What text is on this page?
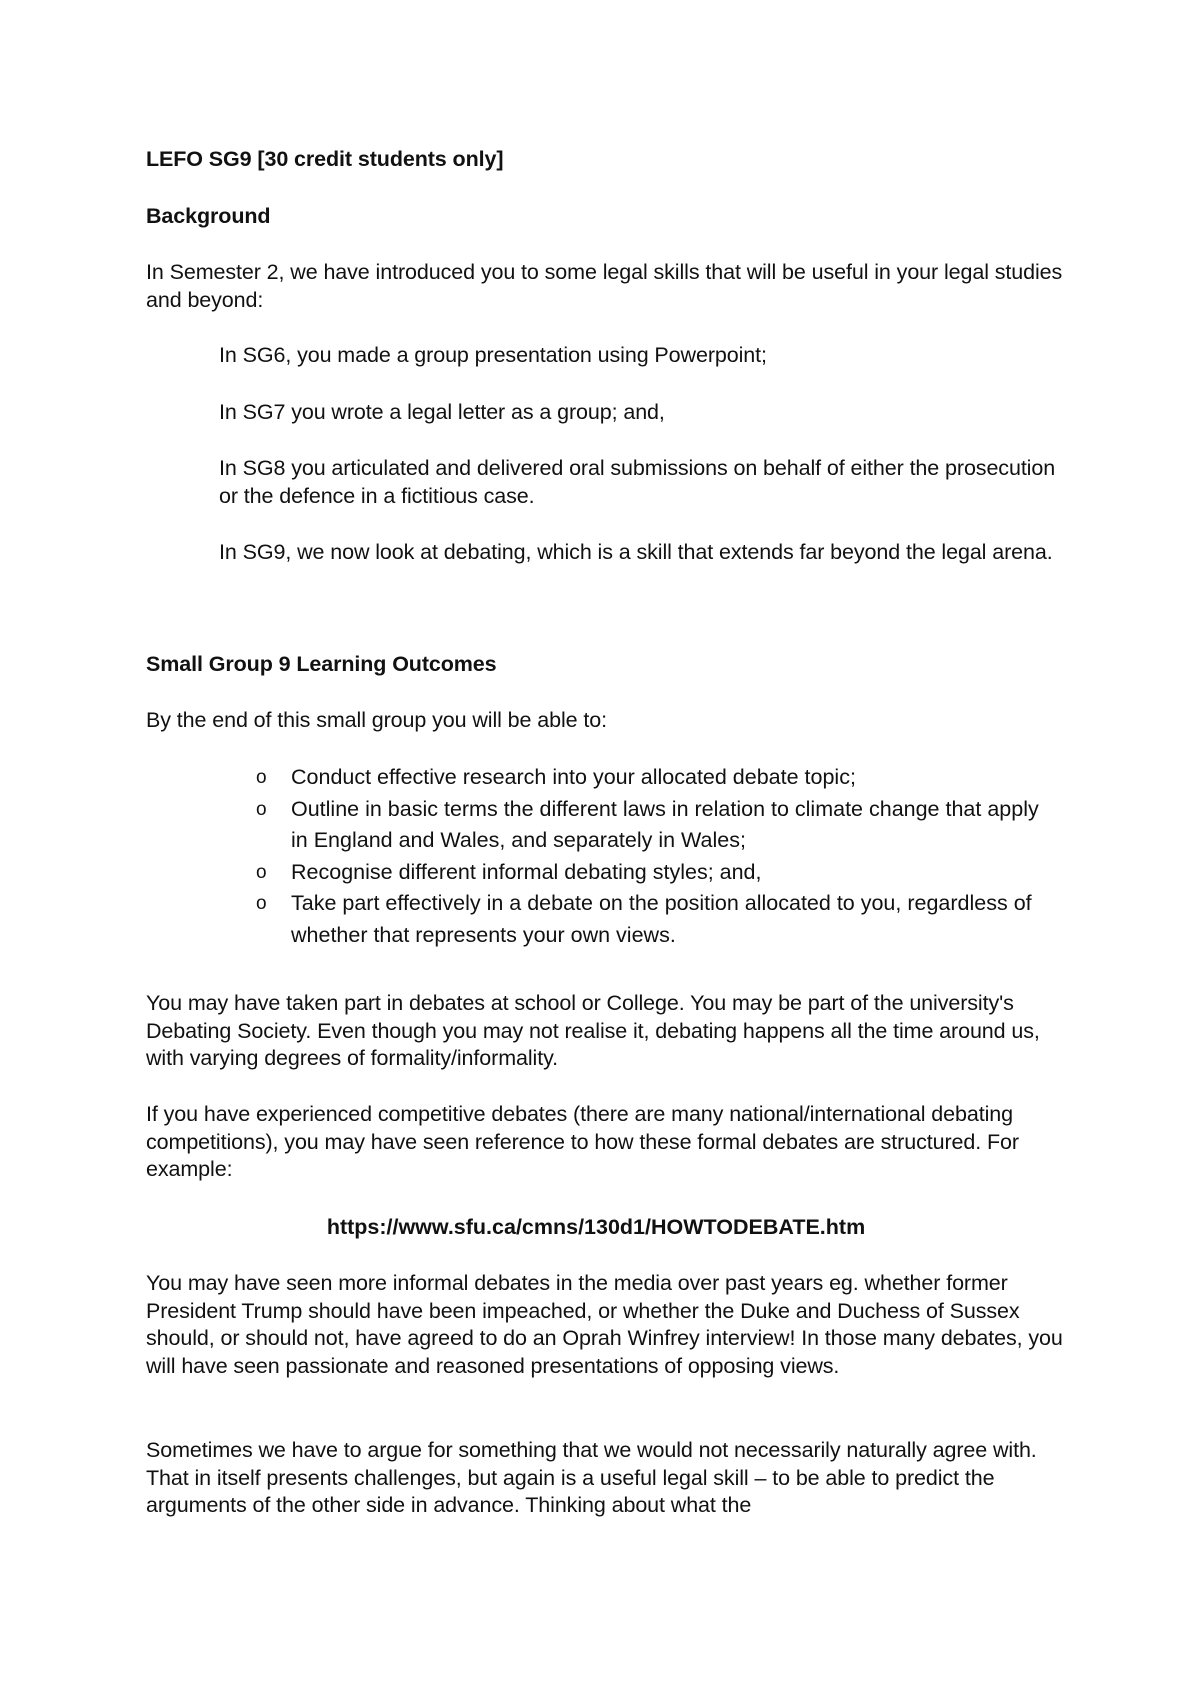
LEFO SG9 [30 credit students only]

Background

In Semester 2, we have introduced you to some legal skills that will be useful in your legal studies and beyond:

In SG6, you made a group presentation using Powerpoint;

In SG7 you wrote a legal letter as a group; and,

In SG8 you articulated and delivered oral submissions on behalf of either the prosecution or the defence in a fictitious case.

In SG9, we now look at debating, which is a skill that extends far beyond the legal arena.

Small Group 9 Learning Outcomes

By the end of this small group you will be able to:

o Conduct effective research into your allocated debate topic;
o Outline in basic terms the different laws in relation to climate change that apply in England and Wales, and separately in Wales;
o Recognise different informal debating styles; and,
o Take part effectively in a debate on the position allocated to you, regardless of whether that represents your own views.

You may have taken part in debates at school or College. You may be part of the university's Debating Society. Even though you may not realise it, debating happens all the time around us, with varying degrees of formality/informality.

If you have experienced competitive debates (there are many national/international debating competitions), you may have seen reference to how these formal debates are structured. For example:

https://www.sfu.ca/cmns/130d1/HOWTODEBATE.htm

You may have seen more informal debates in the media over past years eg. whether former President Trump should have been impeached, or whether the Duke and Duchess of Sussex should, or should not, have agreed to do an Oprah Winfrey interview! In those many debates, you will have seen passionate and reasoned presentations of opposing views.

Sometimes we have to argue for something that we would not necessarily naturally agree with. That in itself presents challenges, but again is a useful legal skill – to be able to predict the arguments of the other side in advance. Thinking about what the
